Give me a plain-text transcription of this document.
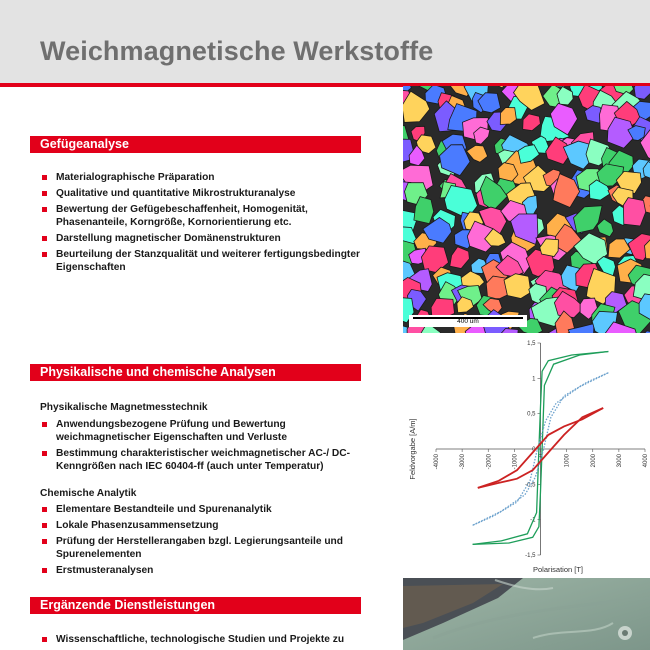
Weichmagnetische Werkstoffe
Gefügeanalyse
Materialographische Präparation
Qualitative und quantitative Mikrostrukturanalyse
Bewertung der Gefügebeschaffenheit, Homogenität, Phasenanteile, Korngröße, Kornorientierung etc.
Darstellung magnetischer Domänenstrukturen
Beurteilung der Stanzqualität und weiterer fertigungsbedingter Eigenschaften
400 um
Physikalische und chemische Analysen
Physikalische Magnetmesstechnik
Anwendungsbezogene Prüfung und Bewertung weichmagnetischer Eigenschaften und Verluste
Bestimmung charakteristischer weichmagnetischer AC-/ DC-Kenngrößen nach IEC 60404-ff (auch unter Temperatur)
Chemische Analytik
Elementare Bestandteile und Spurenanalytik
Lokale Phasenzusammensetzung
Prüfung der Herstellerangaben bzgl. Legierungsanteile und Spurenelementen
Erstmusteranalysen
-4000	-3000	-2000	-1000	0	1000	2000	3000	4000
1,5
1
0,5
0
-0,5
-1
-1,5
Feldvorgabe [A/m]
Polarisation [T]
Ergänzende Dienstleistungen
Wissenschaftliche, technologische Studien und Projekte zu
